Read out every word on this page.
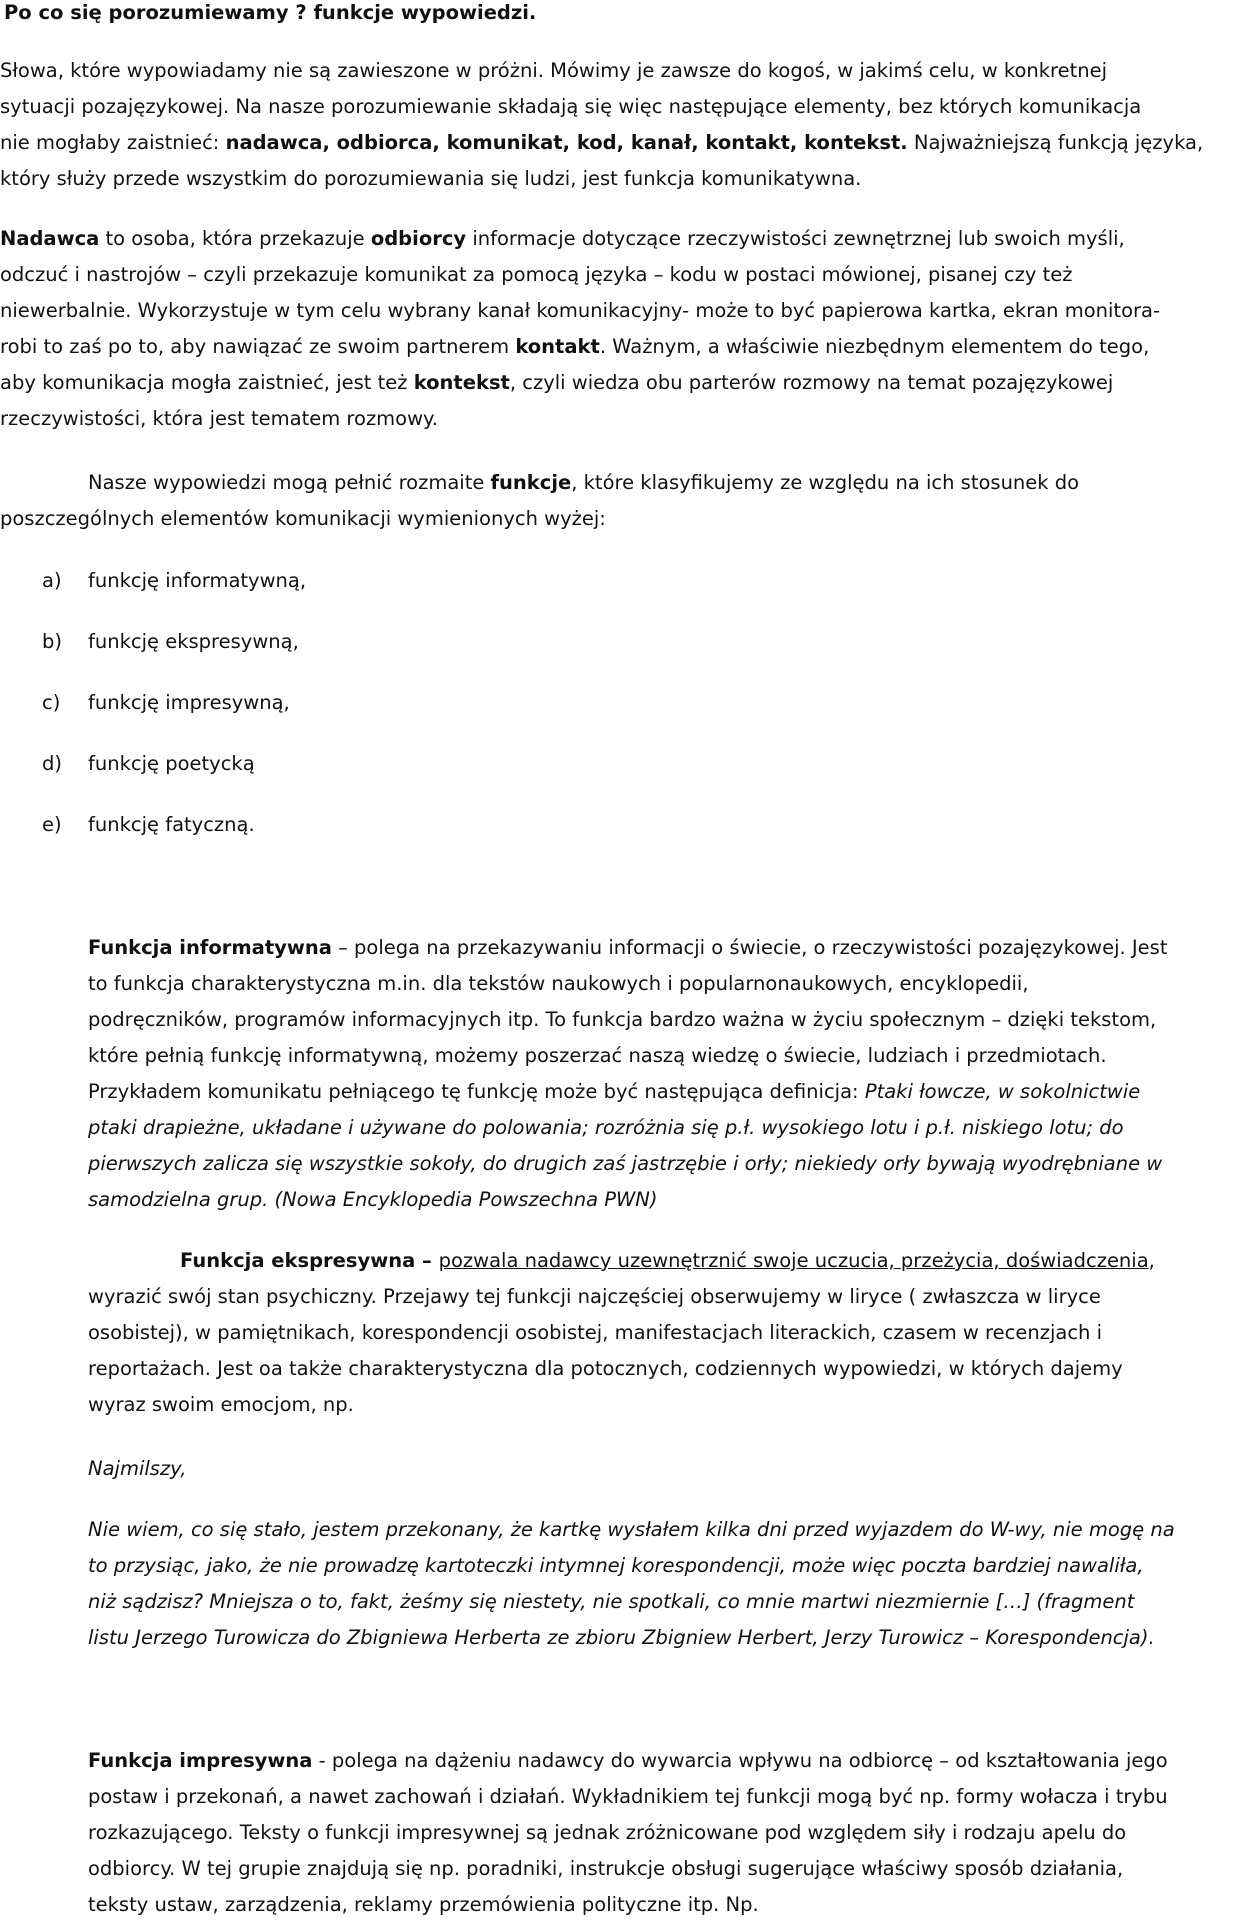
Po co się porozumiewamy ? funkcje wypowiedzi.
Słowa, które wypowiadamy nie są zawieszone w próżni. Mówimy je zawsze do kogoś, w jakimś celu, w konkretnej
sytuacji pozajęzykowej. Na nasze porozumiewanie składają się więc następujące elementy, bez których komunikacja
nie mogłaby zaistnieć: nadawca, odbiorca, komunikat, kod, kanał, kontakt, kontekst. Najważniejszą funkcją języka,
który służy przede wszystkim do porozumiewania się ludzi, jest funkcja komunikatywna.
Nadawca to osoba, która przekazuje odbiorcy informacje dotyczące rzeczywistości zewnętrznej lub swoich myśli,
odczuć i nastrojów – czyli przekazuje komunikat za pomocą języka – kodu w postaci mówionej, pisanej czy też
niewerbalnie. Wykorzystuje w tym celu wybrany kanał komunikacyjny- może to być papierowa kartka, ekran monitora-
robi to zaś po to, aby nawiązać ze swoim partnerem kontakt. Ważnym, a właściwie niezbędnym elementem do tego,
aby komunikacja mogła zaistnieć, jest też kontekst, czyli wiedza obu parterów rozmowy na temat pozajęzykowej
rzeczywistości, która jest tematem rozmowy.
Nasze wypowiedzi mogą pełnić rozmaite funkcje, które klasyfikujemy ze względu na ich stosunek do
poszczególnych elementów komunikacji wymienionych wyżej:
a) funkcję informatywną,
b) funkcję ekspresywną,
c) funkcję impresywną,
d) funkcję poetycką
e) funkcję fatyczną.
Funkcja informatywna – polega na przekazywaniu informacji o świecie, o rzeczywistości pozajęzykowej. Jest
to funkcja charakterystyczna m.in. dla tekstów naukowych i popularnonaukowych, encyklopedii,
podręczników, programów informacyjnych itp. To funkcja bardzo ważna w życiu społecznym – dzięki tekstom,
które pełnią funkcję informatywną, możemy poszerzać naszą wiedzę o świecie, ludziach i przedmiotach.
Przykładem komunikatu pełniącego tę funkcję może być następująca definicja: Ptaki łowcze, w sokolnictwie
ptaki drapieżne, układane i używane do polowania; rozróżnia się p.ł. wysokiego lotu i p.ł. niskiego lotu; do
pierwszych zalicza się wszystkie sokoły, do drugich zaś jastrzębie i orły; niekiedy orły bywają wyodrębniane w
samodzielna grup. (Nowa Encyklopedia Powszechna PWN)
Funkcja ekspresywna – pozwala nadawcy uzewnętrznić swoje uczucia, przeżycia, doświadczenia,
wyrazić swój stan psychiczny. Przejawy tej funkcji najczęściej obserwujemy w liryce ( zwłaszcza w liryce
osobistej), w pamiętnikach, korespondencji osobistej, manifestacjach literackich, czasem w recenzjach i
reportażach. Jest oa także charakterystyczna dla potocznych, codziennych wypowiedzi, w których dajemy
wyraz swoim emocjom, np.
Najmilszy,
Nie wiem, co się stało, jestem przekonany, że kartkę wysłałem kilka dni przed wyjazdem do W-wy, nie mogę na
to przysiąc, jako, że nie prowadzę kartoteczki intymnej korespondencji, może więc poczta bardziej nawaliła,
niż sądzisz? Mniejsza o to, fakt, żeśmy się niestety, nie spotkali, co mnie martwi niezmiernie […] (fragment
listu Jerzego Turowicza do Zbigniewa Herberta ze zbioru Zbigniew Herbert, Jerzy Turowicz – Korespondencja).
Funkcja impresywna - polega na dążeniu nadawcy do wywarcia wpływu na odbiorcę – od kształtowania jego
postaw i przekonań, a nawet zachowań i działań. Wykładnikiem tej funkcji mogą być np. formy wołacza i trybu
rozkazującego. Teksty o funkcji impresywnej są jednak zróżnicowane pod względem siły i rodzaju apelu do
odbiorcy. W tej grupie znajdują się np. poradniki, instrukcje obsługi sugerujące właściwy sposób działania,
teksty ustaw, zarządzenia, reklamy przemówienia polityczne itp. Np.
